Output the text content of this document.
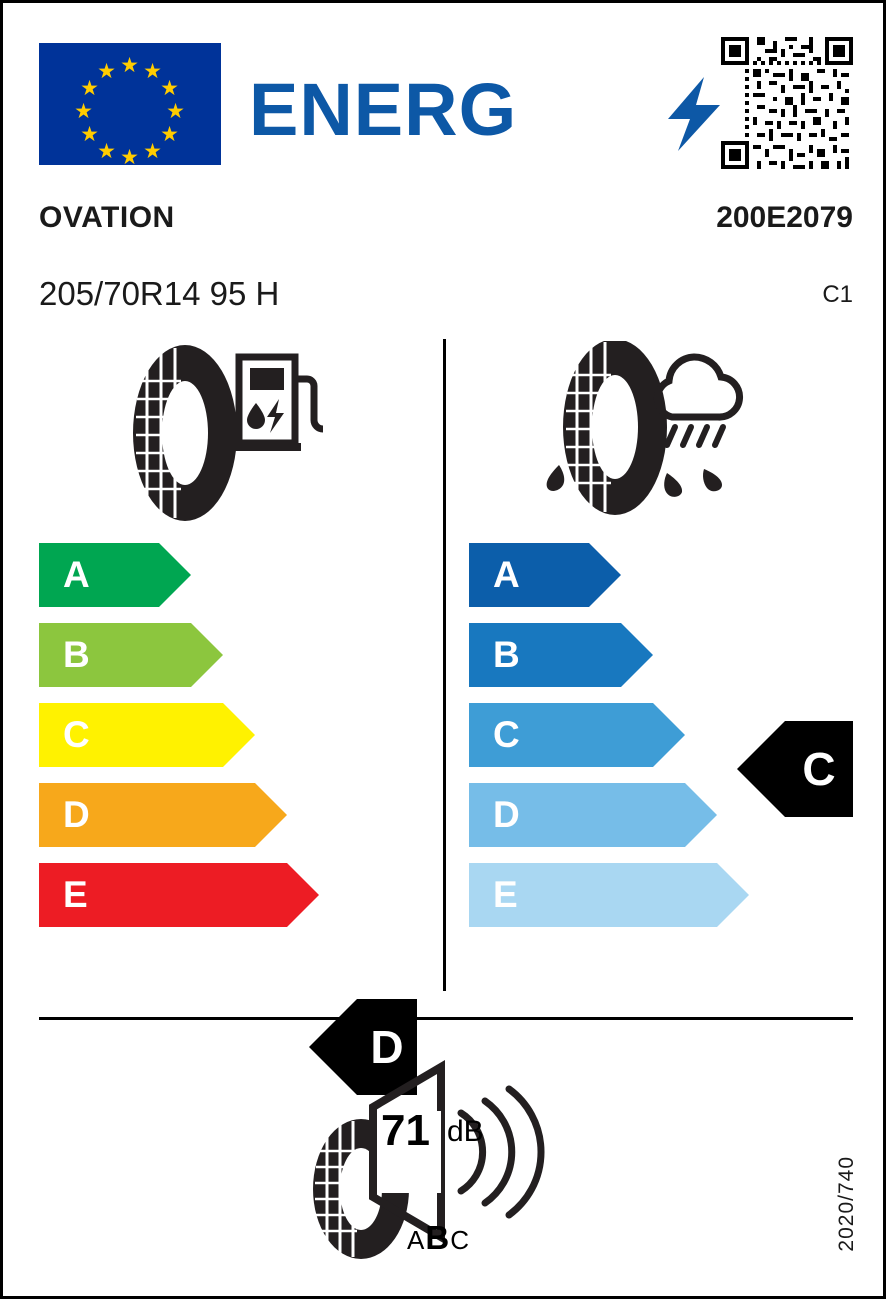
★ ★
★
★
★
★
★
★
★
★
★
★ ENERG
OVATION	200E2079
205/70R14 95 H	C1
A
B
C
D
E
D
A
B
C
D
E
C
71 dB
ABC	2020/740
